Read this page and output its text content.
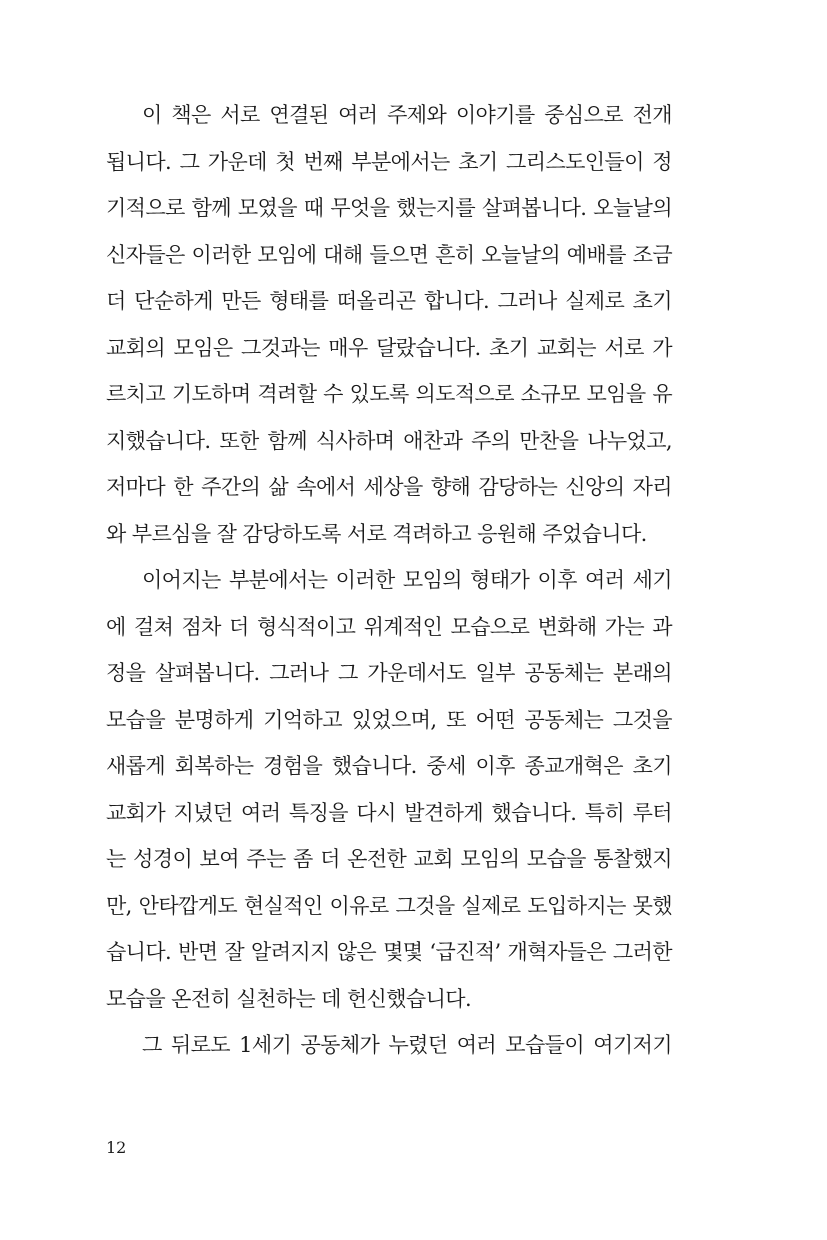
이 책은 서로 연결된 여러 주제와 이야기를 중심으로 전개
됩니다. 그 가운데 첫 번째 부분에서는 초기 그리스도인들이 정
기적으로 함께 모였을 때 무엇을 했는지를 살펴봅니다. 오늘날의
신자들은 이러한 모임에 대해 들으면 흔히 오늘날의 예배를 조금
더 단순하게 만든 형태를 떠올리곤 합니다. 그러나 실제로 초기
교회의 모임은 그것과는 매우 달랐습니다. 초기 교회는 서로 가
르치고 기도하며 격려할 수 있도록 의도적으로 소규모 모임을 유
지했습니다. 또한 함께 식사하며 애찬과 주의 만찬을 나누었고,
저마다 한 주간의 삶 속에서 세상을 향해 감당하는 신앙의 자리
와 부르심을 잘 감당하도록 서로 격려하고 응원해 주었습니다.
이어지는 부분에서는 이러한 모임의 형태가 이후 여러 세기
에 걸쳐 점차 더 형식적이고 위계적인 모습으로 변화해 가는 과
정을 살펴봅니다. 그러나 그 가운데서도 일부 공동체는 본래의
모습을 분명하게 기억하고 있었으며, 또 어떤 공동체는 그것을
새롭게 회복하는 경험을 했습니다. 중세 이후 종교개혁은 초기
교회가 지녔던 여러 특징을 다시 발견하게 했습니다. 특히 루터
는 성경이 보여 주는 좀 더 온전한 교회 모임의 모습을 통찰했지
만, 안타깝게도 현실적인 이유로 그것을 실제로 도입하지는 못했
습니다. 반면 잘 알려지지 않은 몇몇 ‘급진적’ 개혁자들은 그러한
모습을 온전히 실천하는 데 헌신했습니다.
그 뒤로도 1세기 공동체가 누렸던 여러 모습들이 여기저기
12
